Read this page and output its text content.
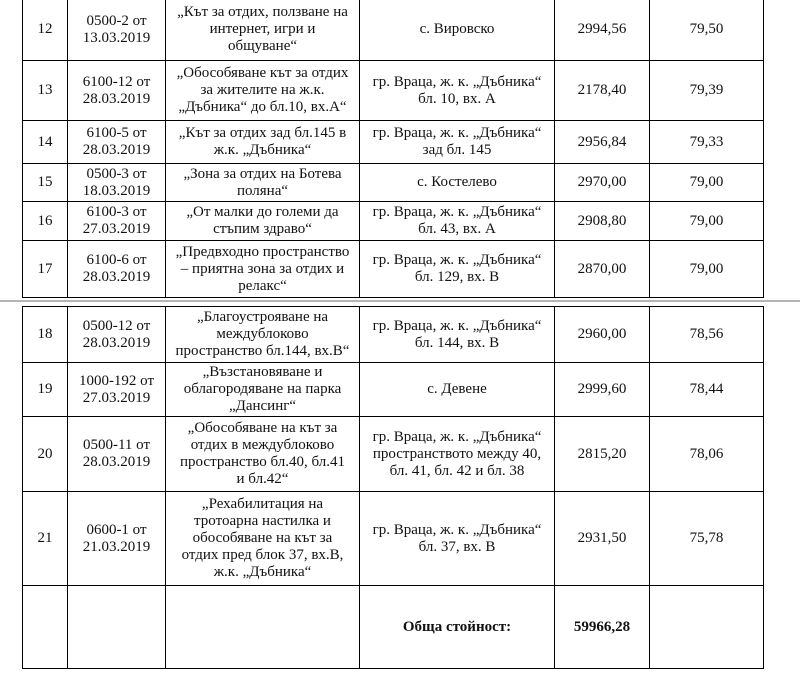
12	0500-2 от
13.03.2019	„Кът за отдих, ползване на
интернет, игри и
общуване“	с. Вировско	2994,56	79,50
13	6100-12 от
28.03.2019	„Обособяване кът за отдих
за жителите на ж.к.
„Дъбника“ до бл.10, вх.А“	гр. Враца, ж. к. „Дъбника“
бл. 10, вх. А	2178,40	79,39
14	6100-5 от
28.03.2019	„Кът за отдих зад бл.145 в
ж.к. „Дъбника“	гр. Враца, ж. к. „Дъбника“
зад бл. 145	2956,84	79,33
15	0500-3 от
18.03.2019	„Зона за отдих на Ботева
поляна“	с. Костелево	2970,00	79,00
16	6100-3 от
27.03.2019	„От малки до големи да
стъпим здраво“	гр. Враца, ж. к. „Дъбника“
бл. 43, вх. А	2908,80	79,00
17	6100-6 от
28.03.2019	„Предвходно пространство
– приятна зона за отдих и
релакс“	гр. Враца, ж. к. „Дъбника“
бл. 129, вх. В	2870,00	79,00
18	0500-12 от
28.03.2019	„Благоустрояване на
междублоково
пространство бл.144, вх.В“	гр. Враца, ж. к. „Дъбника“
бл. 144, вх. В	2960,00	78,56
19	1000-192 от
27.03.2019	„Възстановяване и
облагородяване на парка
„Дансинг“	с. Девене	2999,60	78,44
20	0500-11 от
28.03.2019	„Обособяване на кът за
отдих в междублоково
пространство бл.40, бл.41
и бл.42“	гр. Враца, ж. к. „Дъбника“
пространството между 40,
бл. 41, бл. 42 и бл. 38	2815,20	78,06
21	0600-1 от
21.03.2019	„Рехабилитация на
тротоарна настилка и
обособяване на кът за
отдих пред блок 37, вх.В,
ж.к. „Дъбника“	гр. Враца, ж. к. „Дъбника“
бл. 37, вх. В	2931,50	75,78
			Обща стойност:	59966,28	
